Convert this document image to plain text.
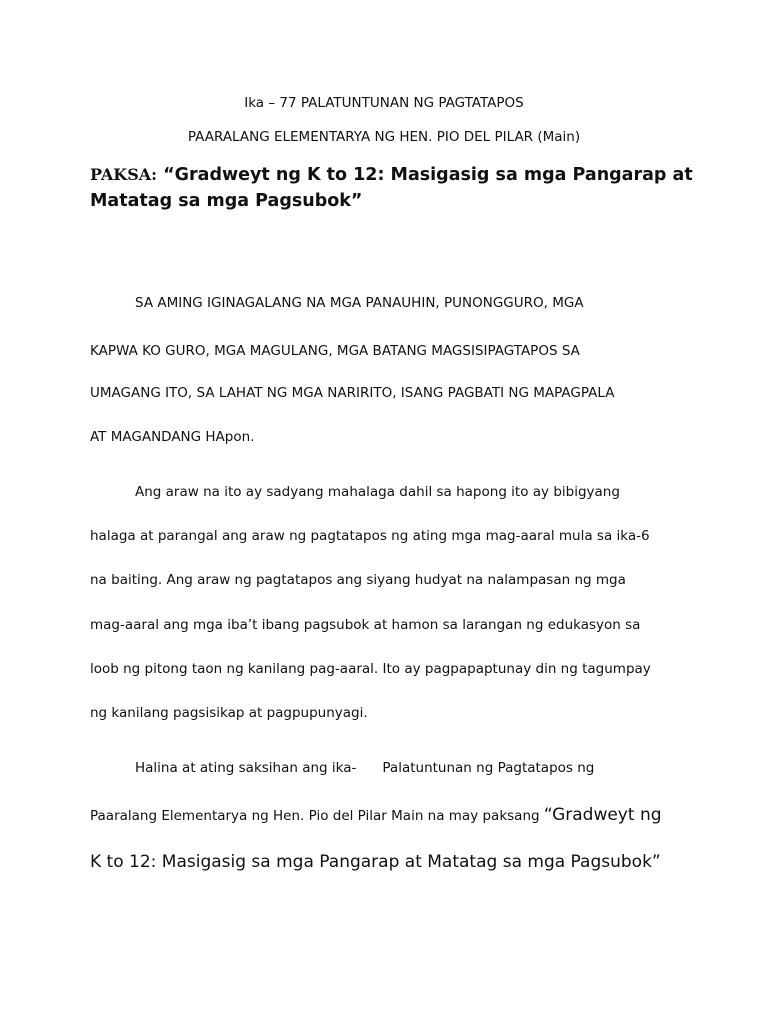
Ika – 77 PALATUNTUNAN NG PAGTATAPOS
PAARALANG ELEMENTARYA NG HEN. PIO DEL PILAR (Main)
PAKSA: “Gradweyt ng K to 12: Masigasig sa mga Pangarap at
Matatag sa mga Pagsubok”
SA AMING IGINAGALANG NA MGA PANAUHIN, PUNONGGURO, MGA
KAPWA KO GURO, MGA MAGULANG, MGA BATANG MAGSISIPAGTAPOS SA
UMAGANG ITO, SA LAHAT NG MGA NARIRITO, ISANG PAGBATI NG MAPAGPALA
AT MAGANDANG HApon.
Ang araw na ito ay sadyang mahalaga dahil sa hapong ito ay bibigyang
halaga at parangal ang araw ng pagtatapos ng ating mga mag-aaral mula sa ika-6
na baiting. Ang araw ng pagtatapos ang siyang hudyat na nalampasan ng mga
mag-aaral ang mga iba’t ibang pagsubok at hamon sa larangan ng edukasyon sa
loob ng pitong taon ng kanilang pag-aaral. Ito ay pagpapaptunay din ng tagumpay
ng kanilang pagsisikap at pagpupunyagi.
Halina at ating saksihan ang ika- Palatuntunan ng Pagtatapos ng
Paaralang Elementarya ng Hen. Pio del Pilar Main na may paksang “Gradweyt ng
K to 12: Masigasig sa mga Pangarap at Matatag sa mga Pagsubok”
